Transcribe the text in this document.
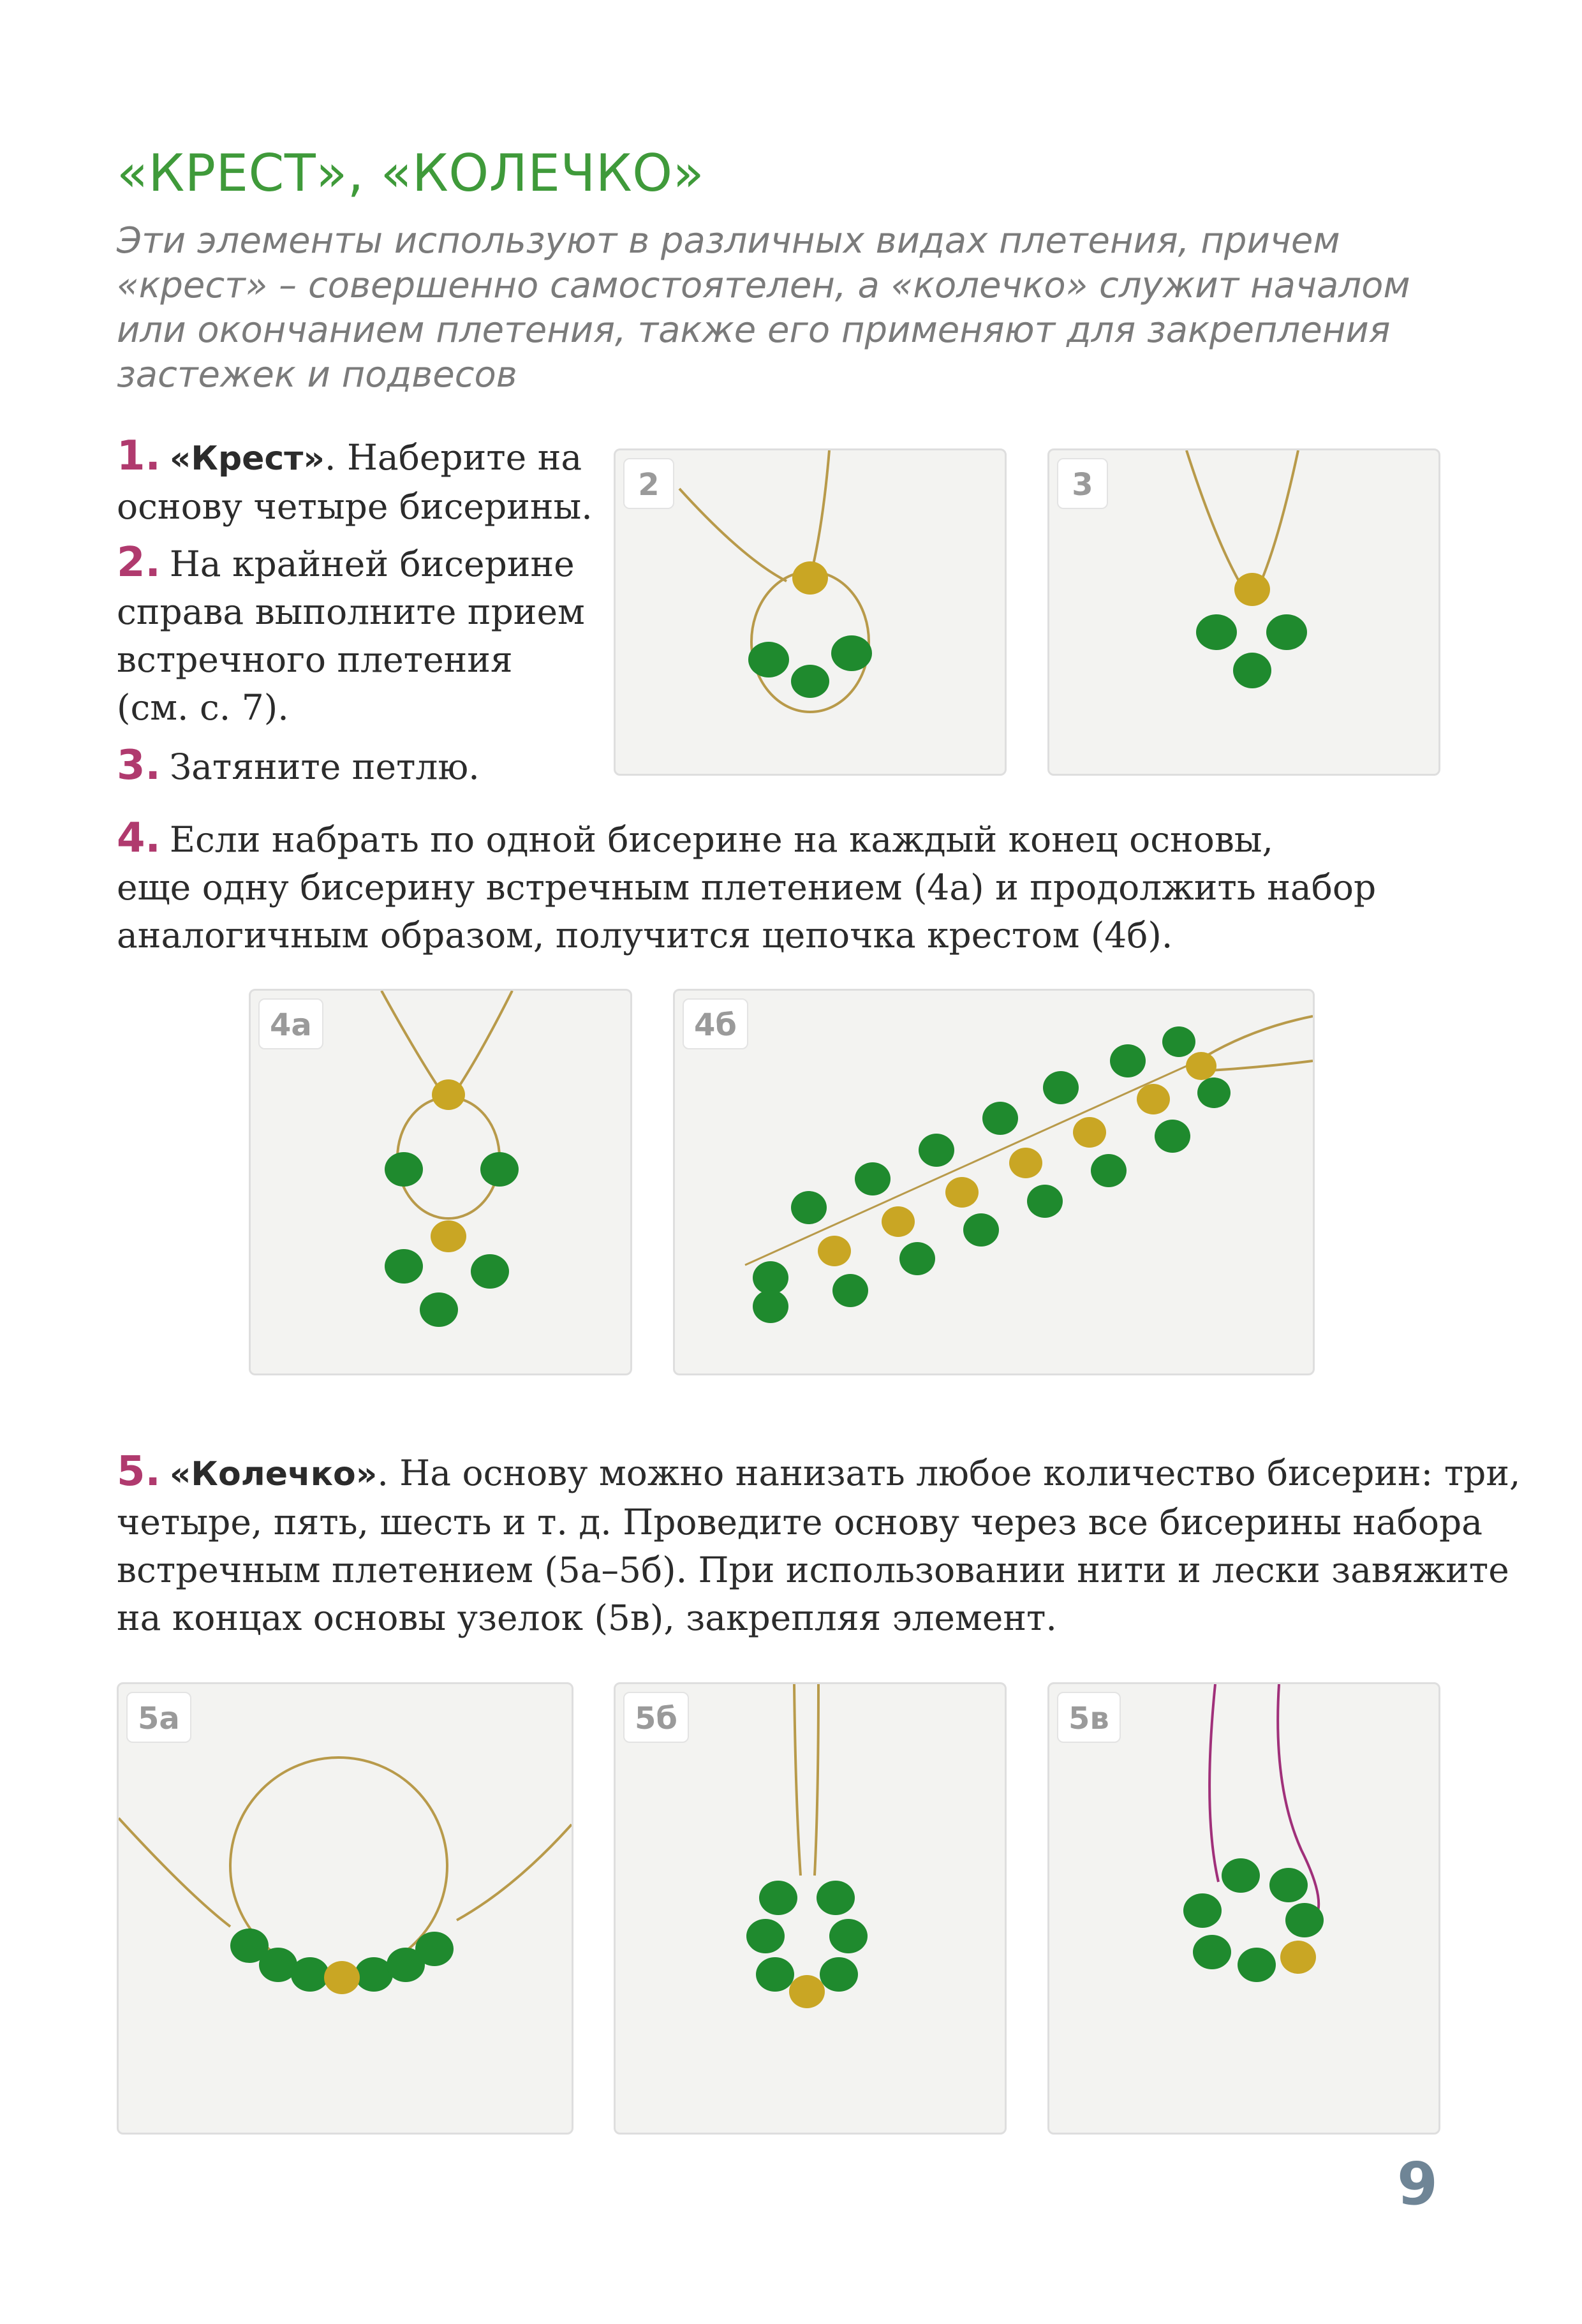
«КРЕСТ», «КОЛЕЧКО»
Эти элементы используют в различных видах плетения, причем
«крест» – совершенно самостоятелен, а «колечко» служит началом
или окончанием плетения, также его применяют для закрепления
застежек и подвесов
1. «Крест». Наберите на
основу четыре бисерины.
2. На крайней бисерине
справа выполните прием
встречного плетения
(см. с. 7).
3. Затяните петлю.
2	3
4. Если набрать по одной бисерине на каждый конец основы,
еще одну бисерину встречным плетением (4а) и продолжить набор
аналогичным образом, получится цепочка крестом (4б).
4а	4б
5. «Колечко». На основу можно нанизать любое количество бисерин: три,
четыре, пять, шесть и т. д. Проведите основу через все бисерины набора
встречным плетением (5а–5б). При использовании нити и лески завяжите
на концах основы узелок (5в), закрепляя элемент.
5а	5б	5в
9
